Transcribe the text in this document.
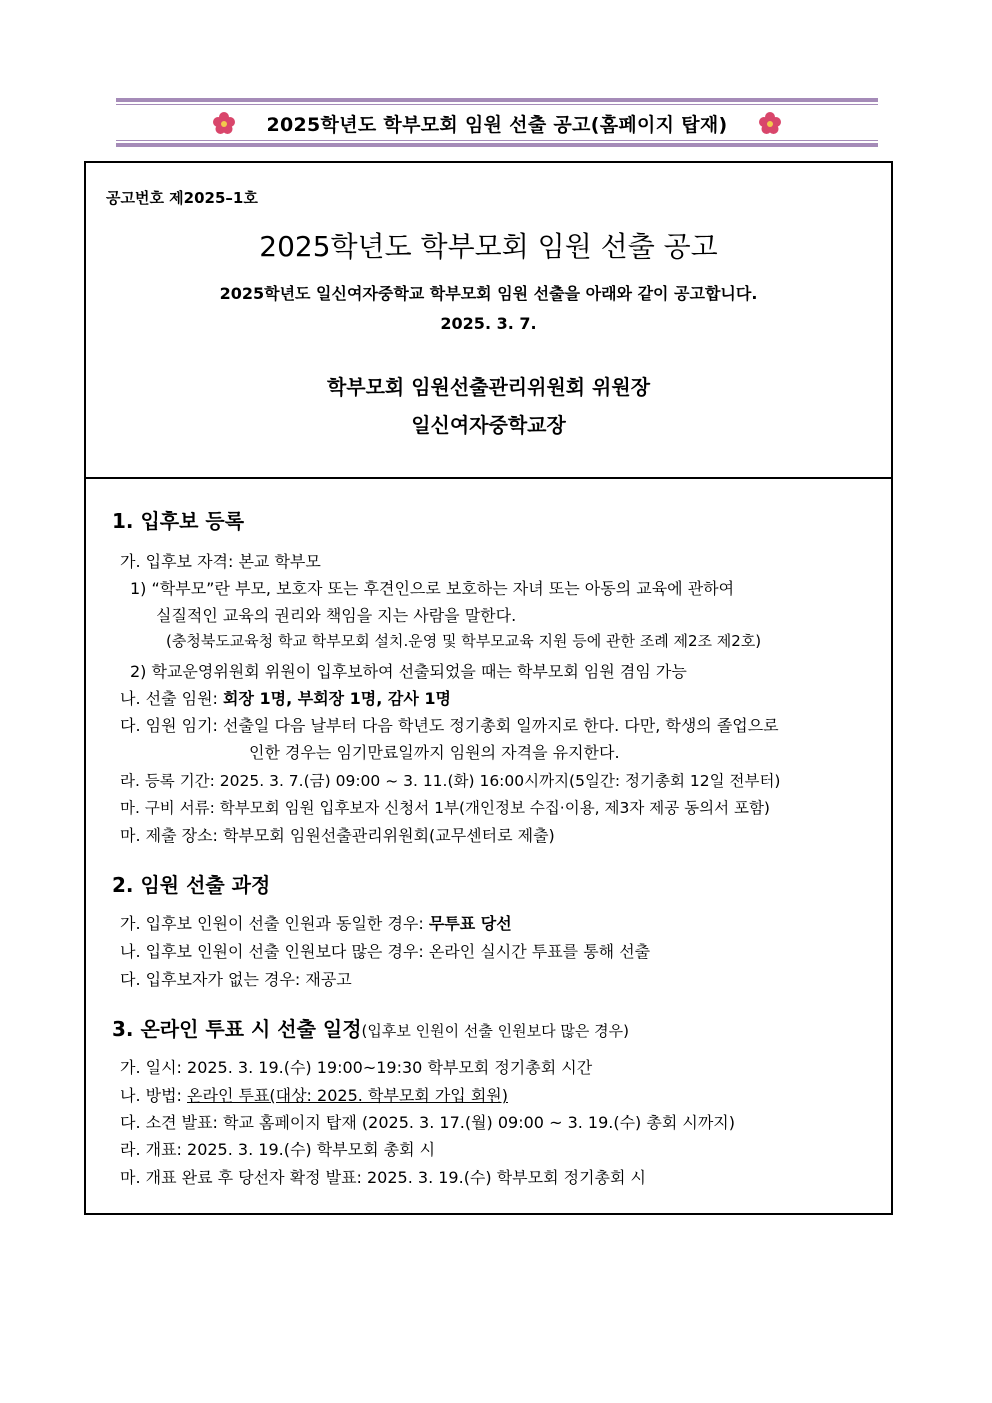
2025학년도 학부모회 임원 선출 공고(홈페이지 탑재)
공고번호 제2025–1호
2025학년도 학부모회 임원 선출 공고
2025학년도 일신여자중학교 학부모회 임원 선출을 아래와 같이 공고합니다.
2025. 3. 7.
학부모회 임원선출관리위원회 위원장
일신여자중학교장
1. 입후보 등록
가. 입후보 자격: 본교 학부모
1) “학부모”란 부모, 보호자 또는 후견인으로 보호하는 자녀 또는 아동의 교육에 관하여
실질적인 교육의 권리와 책임을 지는 사람을 말한다.
(충청북도교육청 학교 학부모회 설치.운영 및 학부모교육 지원 등에 관한 조례 제2조 제2호)
2) 학교운영위원회 위원이 입후보하여 선출되었을 때는 학부모회 임원 겸임 가능
나. 선출 임원: 회장 1명, 부회장 1명, 감사 1명
다. 임원 임기: 선출일 다음 날부터 다음 학년도 정기총회 일까지로 한다. 다만, 학생의 졸업으로
인한 경우는 임기만료일까지 임원의 자격을 유지한다.
라. 등록 기간: 2025. 3. 7.(금) 09:00 ~ 3. 11.(화) 16:00시까지(5일간: 정기총회 12일 전부터)
마. 구비 서류: 학부모회 임원 입후보자 신청서 1부(개인정보 수집·이용, 제3자 제공 동의서 포함)
마. 제출 장소: 학부모회 임원선출관리위원회(교무센터로 제출)
2. 임원 선출 과정
가. 입후보 인원이 선출 인원과 동일한 경우: 무투표 당선
나. 입후보 인원이 선출 인원보다 많은 경우: 온라인 실시간 투표를 통해 선출
다. 입후보자가 없는 경우: 재공고
3. 온라인 투표 시 선출 일정(입후보 인원이 선출 인원보다 많은 경우)
가. 일시: 2025. 3. 19.(수) 19:00~19:30 학부모회 정기총회 시간
나. 방법: 온라인 투표(대상: 2025. 학부모회 가입 회원)
다. 소견 발표: 학교 홈페이지 탑재 (2025. 3. 17.(월) 09:00 ~ 3. 19.(수) 총회 시까지)
라. 개표: 2025. 3. 19.(수) 학부모회 총회 시
마. 개표 완료 후 당선자 확정 발표: 2025. 3. 19.(수) 학부모회 정기총회 시
